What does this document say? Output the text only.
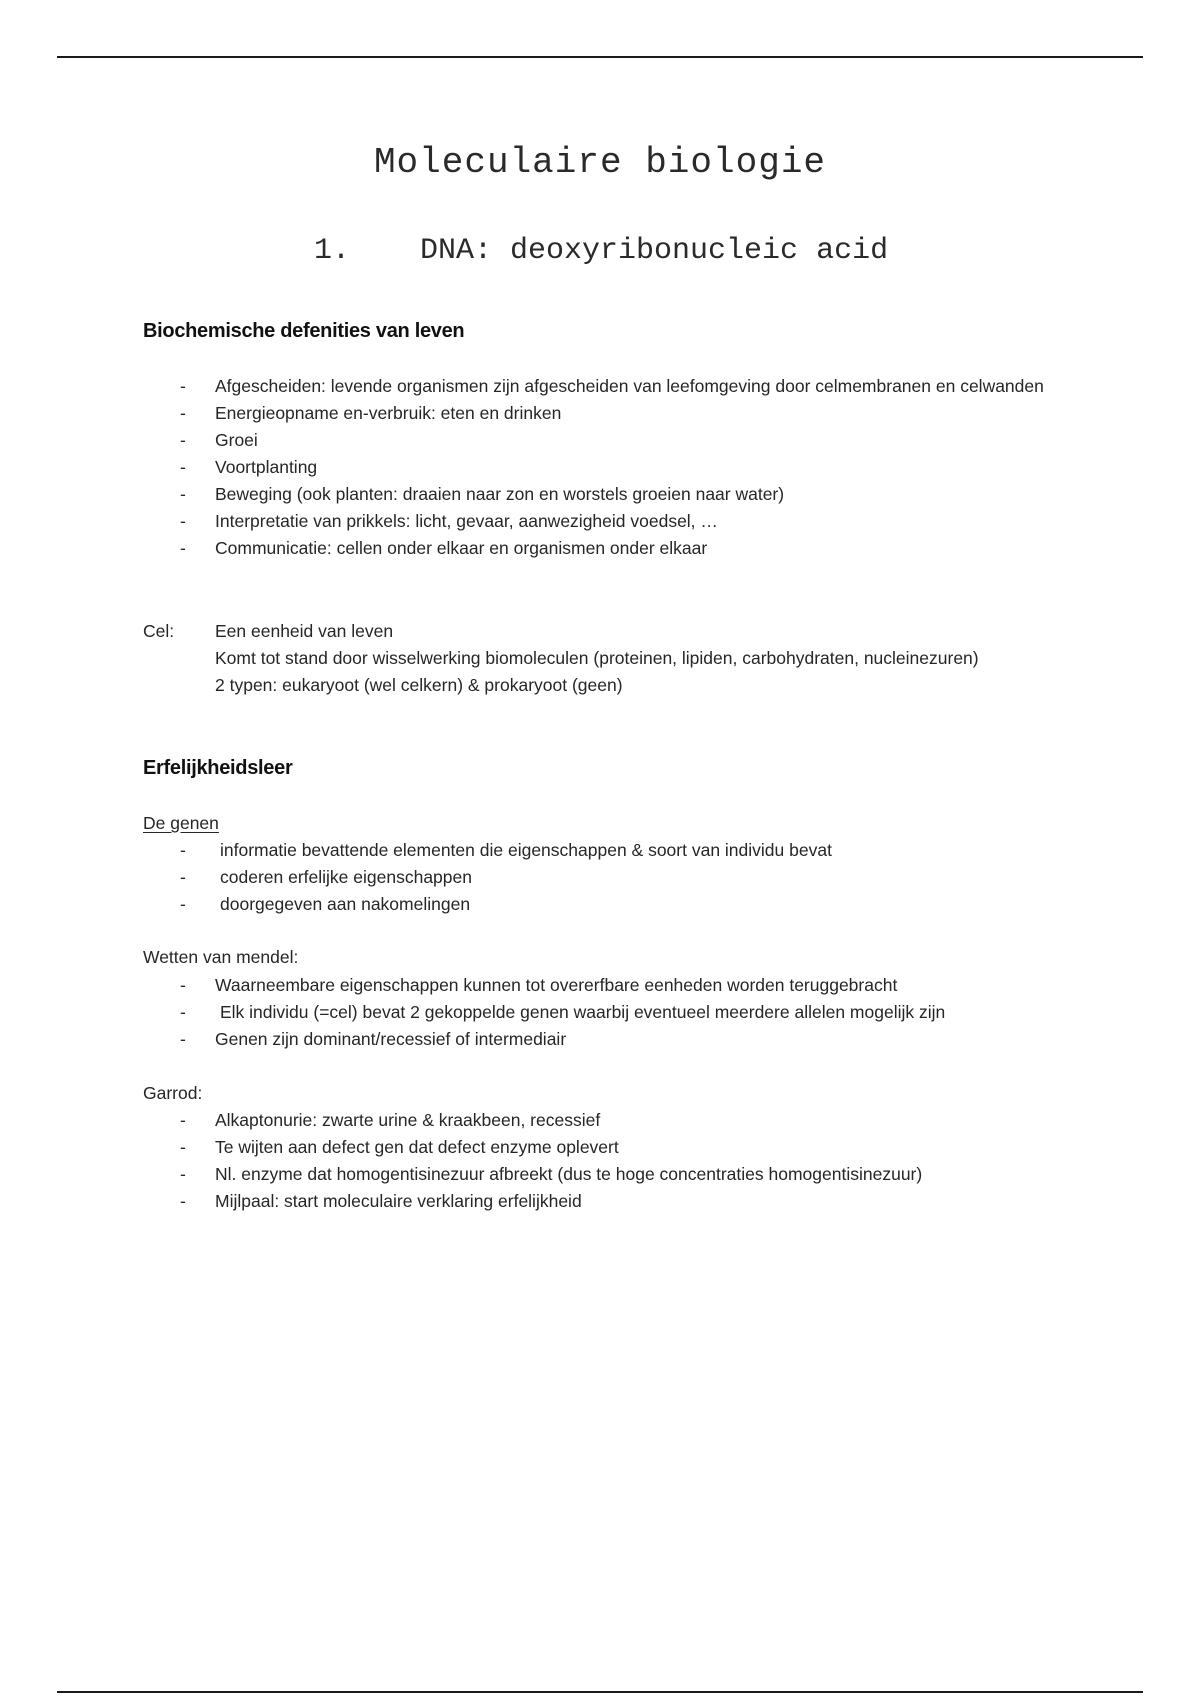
Moleculaire biologie
1. DNA: deoxyribonucleic acid
Biochemische defenities van leven
- Afgescheiden: levende organismen zijn afgescheiden van leefomgeving door celmembranen en celwanden
- Energieopname en-verbruik: eten en drinken
- Groei
- Voortplanting
- Beweging (ook planten: draaien naar zon en worstels groeien naar water)
- Interpretatie van prikkels: licht, gevaar, aanwezigheid voedsel, …
- Communicatie: cellen onder elkaar en organismen onder elkaar
Cel: Een eenheid van leven
Komt tot stand door wisselwerking biomoleculen (proteinen, lipiden, carbohydraten, nucleinezuren)
2 typen: eukaryoot (wel celkern) & prokaryoot (geen)
Erfelijkheidsleer
De genen
- informatie bevattende elementen die eigenschappen & soort van individu bevat
- coderen erfelijke eigenschappen
- doorgegeven aan nakomelingen
Wetten van mendel:
- Waarneembare eigenschappen kunnen tot overerfbare eenheden worden teruggebracht
- Elk individu (=cel) bevat 2 gekoppelde genen waarbij eventueel meerdere allelen mogelijk zijn
- Genen zijn dominant/recessief of intermediair
Garrod:
- Alkaptonurie: zwarte urine & kraakbeen, recessief
- Te wijten aan defect gen dat defect enzyme oplevert
- Nl. enzyme dat homogentisinezuur afbreekt (dus te hoge concentraties homogentisinezuur)
- Mijlpaal: start moleculaire verklaring erfelijkheid
